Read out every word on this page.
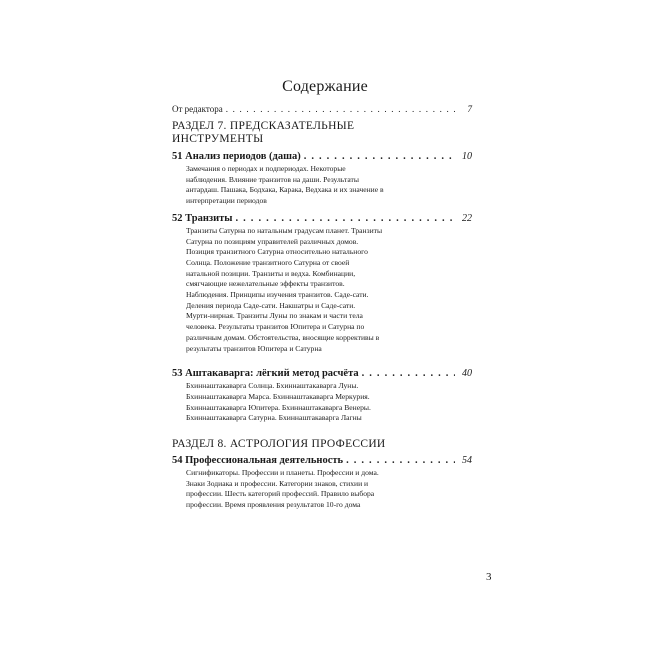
Содержание
От редактора . . .	7
РАЗДЕЛ 7. ПРЕДСКАЗАТЕЛЬНЫЕ
ИНСТРУМЕНТЫ
51 Анализ периодов (даша) . . .	10
Замечания о периодах и подпериодах. Некоторые
наблюдения. Влияние транзитов на даши. Результаты
антардаш. Пашака, Бодхака, Карака, Ведхака и их значение в
интерпретации периодов
52 Транзиты . . .	22
Транзиты Сатурна по натальным градусам планет. Транзиты
Сатурна по позициям управителей различных домов.
Позиция транзитного Сатурна относительно натального
Солнца. Положение транзитного Сатурна от своей
натальной позиции. Транзиты и ведха. Комбинации,
смягчающие нежелательные эффекты транзитов.
Наблюдения. Принципы изучения транзитов. Саде-сати.
Деления периода Саде-сати. Накшатры и Саде-сати.
Мурти-нирная. Транзиты Луны по знакам и части тела
человека. Результаты транзитов Юпитера и Сатурна по
различным домам. Обстоятельства, вносящие коррективы в
результаты транзитов Юпитера и Сатурна
53 Аштакаварга: лёгкий метод расчёта . . .	40
Бхиннаштакаварга Солнца. Бхиннаштакаварга Луны.
Бхиннаштакаварга Марса. Бхиннаштакаварга Меркурия.
Бхиннаштакаварга Юпитера. Бхиннаштакаварга Венеры.
Бхиннаштакаварга Сатурна. Бхиннаштакаварга Лагны
РАЗДЕЛ 8. АСТРОЛОГИЯ ПРОФЕССИИ
54 Профессиональная деятельность . . .	54
Сигнификаторы. Профессии и планеты. Профессии и дома.
Знаки Зодиака и профессии. Категории знаков, стихии и
профессии. Шесть категорий профессий. Правило выбора
профессии. Время проявления результатов 10-го дома
3
